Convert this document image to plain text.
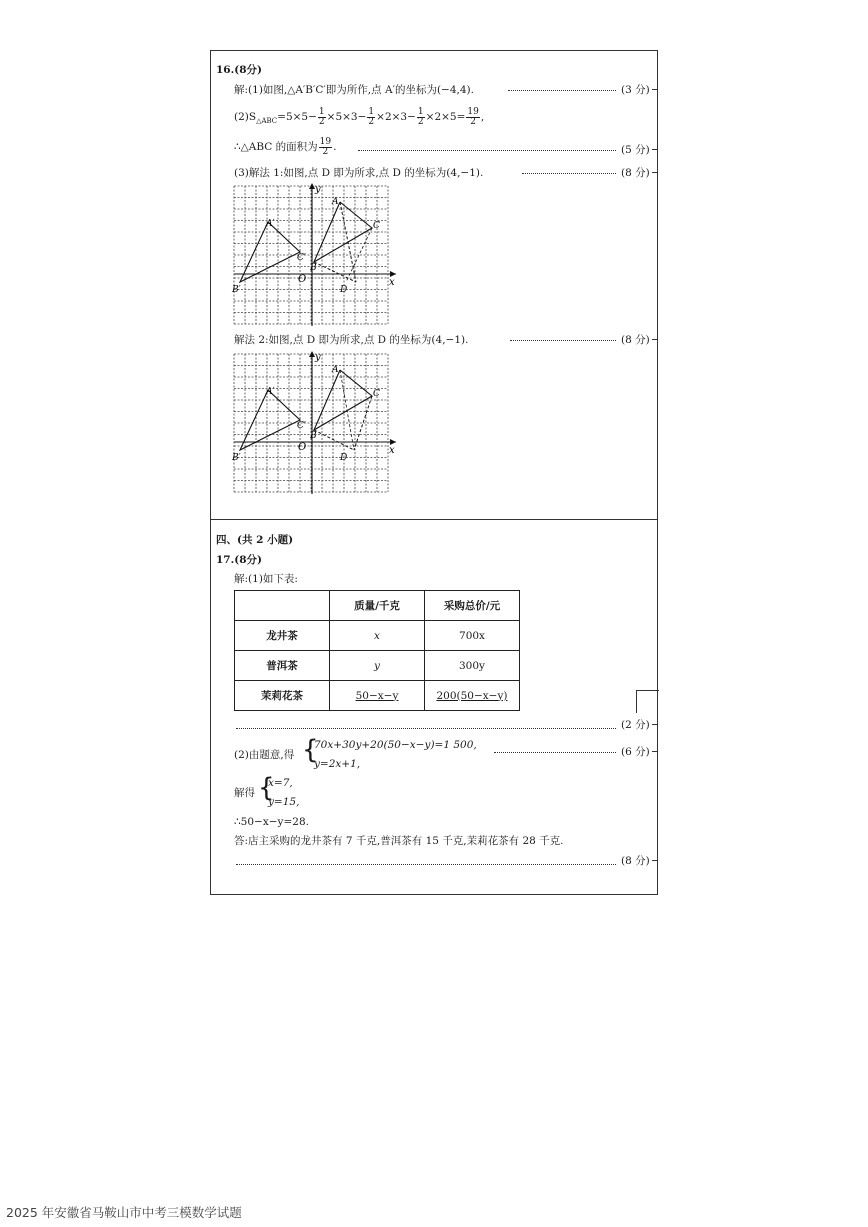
16.(8分)
解:(1)如图,△A′B′C′即为所作,点 A′的坐标为(−4,4).	(3 分)
$(2)S_{\triangle ABC}=5\times 5- \frac{1}{2} \times 5\times 3- \frac{1}{2} \times 2\times 3- \frac{1}{2} \times 2\times 5= \frac{19}{2}$ ,
∴△ABC 的面积为 $\frac{19}{2}$ .	(5 分)
(3)解法 1:如图,点 D 即为所求,点 D 的坐标为(4,−1).	(8 分)
y
x
O
A
B
C
A′
B′
C′
D
解法 2:如图,点 D 即为所求,点 D 的坐标为(4,−1).	(8 分)
y
x
O
A
B
C
A′
B′
C′
D
四、(共 2 小题)
17.(8分)
解:(1)如下表:
	质量/千克	采购总价/元
龙井茶	x	700x
普洱茶	y	300y
茉莉花茶	50−x−y	200(50−x−y)
(2 分)
(2)由题意,得 {
70x+30y+20(50−x−y)=1 500,
y=2x+1,
(6 分)
解得 {
x=7,
y=15,
∴50−x−y=28.
答:店主采购的龙井茶有 7 千克,普洱茶有 15 千克,茉莉花茶有 28 千克.
(8 分)
2025 年安徽省马鞍山市中考三模数学试题
